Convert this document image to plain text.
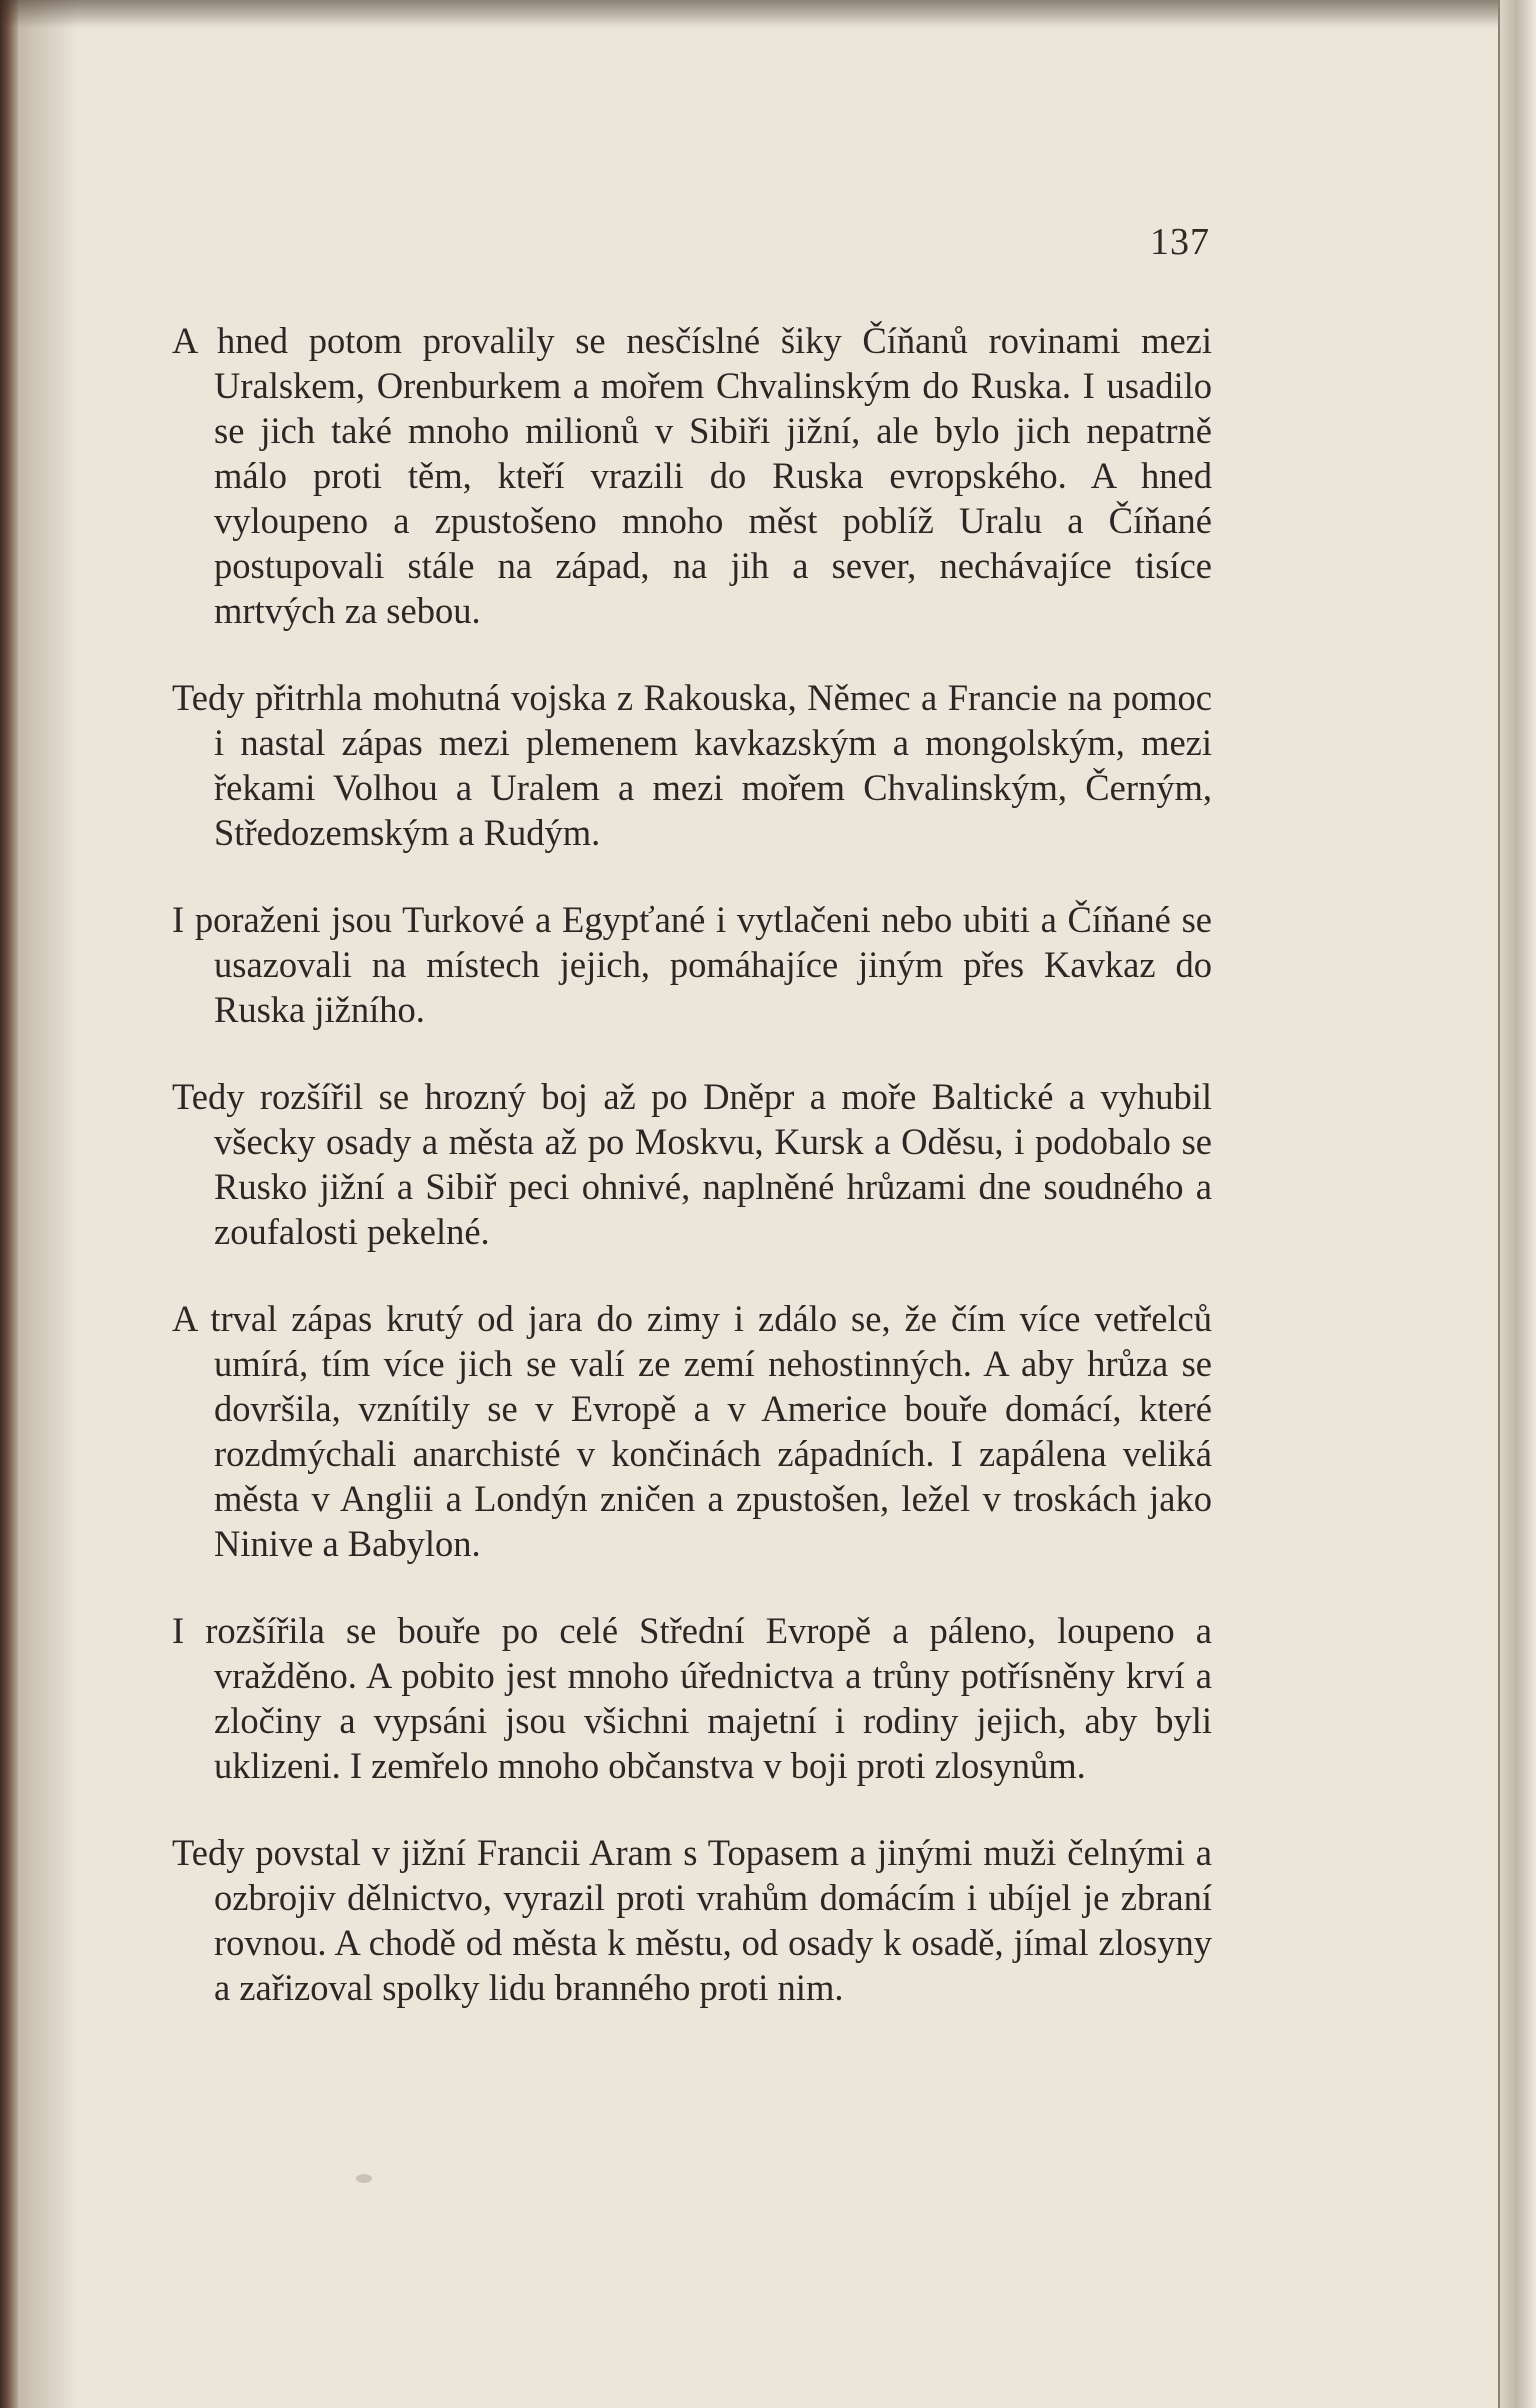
137

A hned potom provalily se nesčíslné šiky Číňanů rovinami mezi Uralskem, Orenburkem a mořem Chvalinským do Ruska. I usadilo se jich také mnoho milionů v Sibiři jižní, ale bylo jich nepatrně málo proti těm, kteří vrazili do Ruska evropského. A hned vyloupeno a zpustošeno mnoho měst poblíž Uralu a Číňané postupovali stále na západ, na jih a sever, nechávajíce tisíce mrtvých za sebou.

Tedy přitrhla mohutná vojska z Rakouska, Němec a Francie na pomoc i nastal zápas mezi plemenem kavkazským a mongolským, mezi řekami Volhou a Uralem a mezi mořem Chvalinským, Černým, Středozemským a Rudým.

I poraženi jsou Turkové a Egypťané i vytlačeni nebo ubiti a Číňané se usazovali na místech jejich, pomáhajíce jiným přes Kavkaz do Ruska jižního.

Tedy rozšířil se hrozný boj až po Dněpr a moře Baltické a vyhubil všecky osady a města až po Moskvu, Kursk a Oděsu, i podobalo se Rusko jižní a Sibiř peci ohnivé, naplněné hrůzami dne soudného a zoufalosti pekelné.

A trval zápas krutý od jara do zimy i zdálo se, že čím více vetřelců umírá, tím více jich se valí ze zemí nehostinných. A aby hrůza se dovršila, vznítily se v Evropě a v Americe bouře domácí, které rozdmýchali anarchisté v končinách západních. I zapálena veliká města v Anglii a Londýn zničen a zpustošen, ležel v troskách jako Ninive a Babylon.

I rozšířila se bouře po celé Střední Evropě a páleno, loupeno a vražděno. A pobito jest mnoho úřednictva a trůny potřísněny krví a zločiny a vypsáni jsou všichni majetní i rodiny jejich, aby byli uklizeni. I zemřelo mnoho občanstva v boji proti zlosynům.

Tedy povstal v jižní Francii Aram s Topasem a jinými muži čelnými a ozbrojiv dělnictvo, vyrazil proti vrahům domácím i ubíjel je zbraní rovnou. A chodě od města k městu, od osady k osadě, jímal zlosyny a zařizoval spolky lidu branného proti nim.
